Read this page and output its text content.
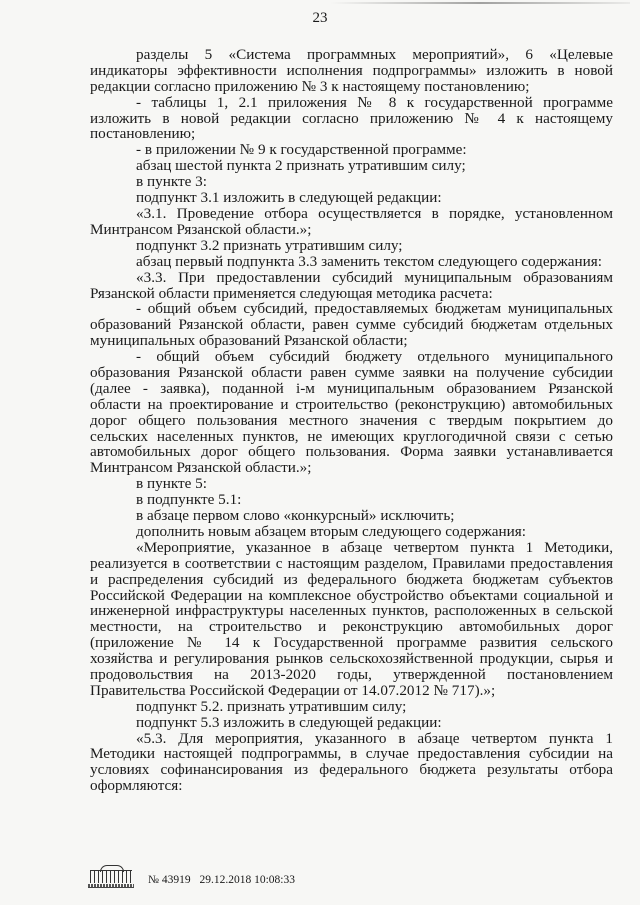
23
разделы 5 «Система программных мероприятий», 6 «Целевые
индикаторы эффективности исполнения подпрограммы» изложить в новой
редакции согласно приложению № 3 к настоящему постановлению;
- таблицы 1, 2.1 приложения № 8 к государственной программе
изложить в новой редакции согласно приложению № 4 к настоящему
постановлению;
- в приложении № 9 к государственной программе:
абзац шестой пункта 2 признать утратившим силу;
в пункте 3:
подпункт 3.1 изложить в следующей редакции:
«3.1. Проведение отбора осуществляется в порядке, установленном
Минтрансом Рязанской области.»;
подпункт 3.2 признать утратившим силу;
абзац первый подпункта 3.3 заменить текстом следующего содержания:
«3.3. При предоставлении субсидий муниципальным образованиям
Рязанской области применяется следующая методика расчета:
- общий объем субсидий, предоставляемых бюджетам муниципальных
образований Рязанской области, равен сумме субсидий бюджетам отдельных
муниципальных образований Рязанской области;
- общий объем субсидий бюджету отдельного муниципального
образования Рязанской области равен сумме заявки на получение субсидии
(далее - заявка), поданной i-м муниципальным образованием Рязанской
области на проектирование и строительство (реконструкцию) автомобильных
дорог общего пользования местного значения с твердым покрытием до
сельских населенных пунктов, не имеющих круглогодичной связи с сетью
автомобильных дорог общего пользования. Форма заявки устанавливается
Минтрансом Рязанской области.»;
в пункте 5:
в подпункте 5.1:
в абзаце первом слово «конкурсный» исключить;
дополнить новым абзацем вторым следующего содержания:
«Мероприятие, указанное в абзаце четвертом пункта 1 Методики,
реализуется в соответствии с настоящим разделом, Правилами предоставления
и распределения субсидий из федерального бюджета бюджетам субъектов
Российской Федерации на комплексное обустройство объектами социальной и
инженерной инфраструктуры населенных пунктов, расположенных в сельской
местности, на строительство и реконструкцию автомобильных дорог
(приложение № 14 к Государственной программе развития сельского
хозяйства и регулирования рынков сельскохозяйственной продукции, сырья и
продовольствия на 2013-2020 годы, утвержденной постановлением
Правительства Российской Федерации от 14.07.2012 № 717).»;
подпункт 5.2. признать утратившим силу;
подпункт 5.3 изложить в следующей редакции:
«5.3. Для мероприятия, указанного в абзаце четвертом пункта 1
Методики настоящей подпрограммы, в случае предоставления субсидии на
условиях софинансирования из федерального бюджета результаты отбора
оформляются:
№ 43919 29.12.2018 10:08:33
